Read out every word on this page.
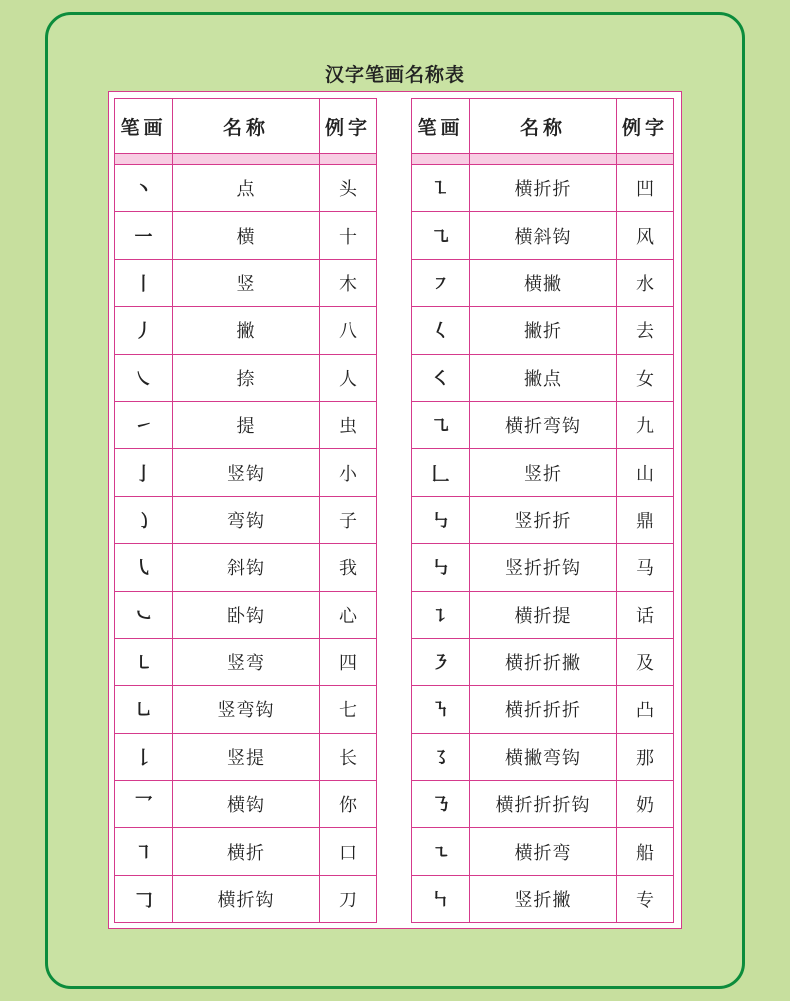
汉字笔画名称表
笔画	名称	例字

丶	点	头
一	横	十
丨	竖	木
丿	撇	八
㇏	捺	人
㇀	提	虫
亅	竖钩	小
㇁	弯钩	子
㇂	斜钩	我
㇃	卧钩	心
㇄	竖弯	四
㇟	竖弯钩	七
𠄌	竖提	长
乛	横钩	你
㇕	横折	口
𠃌	横折钩	刀
笔画	名称	例字

㇅	横折折	凹
㇈	横斜钩	风
㇇	横撇	水
𡿨	撇折	去
㇛	撇点	女
㇈	横折弯钩	九
𠃊	竖折	山
㇉	竖折折	鼎
㇉	竖折折钩	马
㇊	横折提	话
㇋	横折折撇	及
㇎	横折折折	凸
㇌	横撇弯钩	那
㇡	横折折折钩	奶
㇍	横折弯	船
㇞	竖折撇	专
